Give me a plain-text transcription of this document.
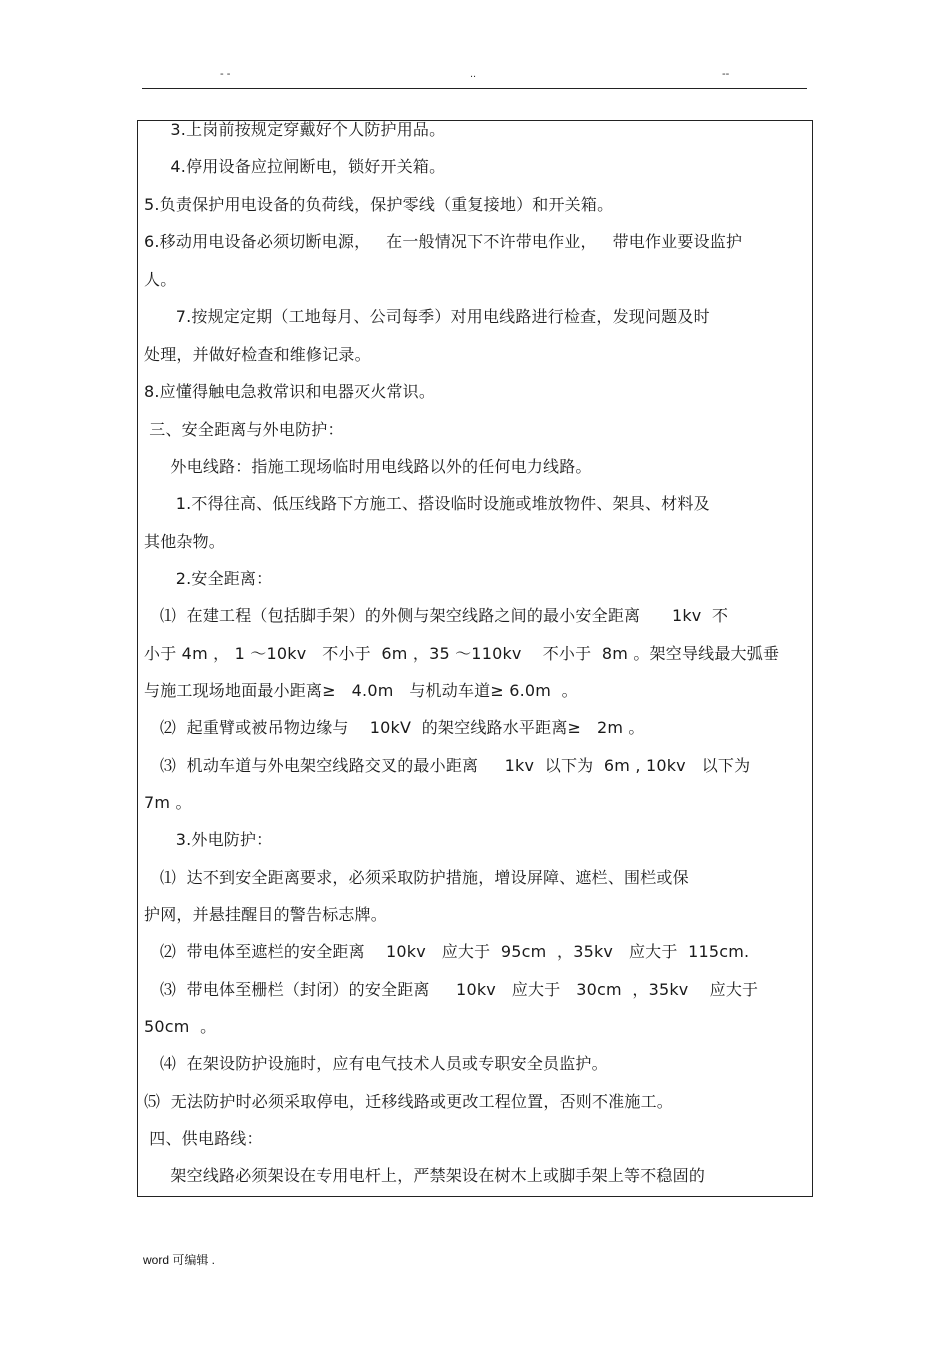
- -	..	--
3.上岗前按规定穿戴好个人防护用品。
4.停用设备应拉闸断电，锁好开关箱。
5.负责保护用电设备的负荷线，保护零线（重复接地）和开关箱。
6.移动用电设备必须切断电源，   在一般情况下不许带电作业，   带电作业要设监护
人。
7.按规定定期（工地每月、公司每季）对用电线路进行检查，发现问题及时
处理，并做好检查和维修记录。
8.应懂得触电急救常识和电器灭火常识。
三、安全距离与外电防护：
外电线路：指施工现场临时用电线路以外的任何电力线路。
1.不得往高、低压线路下方施工、搭设临时设施或堆放物件、架具、材料及
其他杂物。
2.安全距离：
⑴  在建工程（包括脚手架）的外侧与架空线路之间的最小安全距离      1kv  不
小于 4m ， 1 ～10kv   不小于  6m ，35 ～110kv    不小于  8m 。架空导线最大弧垂
与施工现场地面最小距离≥   4.0m   与机动车道≥ 6.0m  。
⑵  起重臂或被吊物边缘与    10kV  的架空线路水平距离≥   2m 。
⑶  机动车道与外电架空线路交叉的最小距离     1kv  以下为  6m , 10kv   以下为
7m 。
3.外电防护：
⑴  达不到安全距离要求，必须采取防护措施，增设屏障、遮栏、围栏或保
护网，并悬挂醒目的警告标志牌。
⑵  带电体至遮栏的安全距离    10kv   应大于  95cm  ，35kv   应大于  115cm.
⑶  带电体至栅栏（封闭）的安全距离     10kv   应大于   30cm  ，35kv    应大于
50cm  。
⑷  在架设防护设施时，应有电气技术人员或专职安全员监护。
⑸  无法防护时必须采取停电，迁移线路或更改工程位置，否则不准施工。
四、供电路线：
架空线路必须架设在专用电杆上，严禁架设在树木上或脚手架上等不稳固的
word 可编辑 .
